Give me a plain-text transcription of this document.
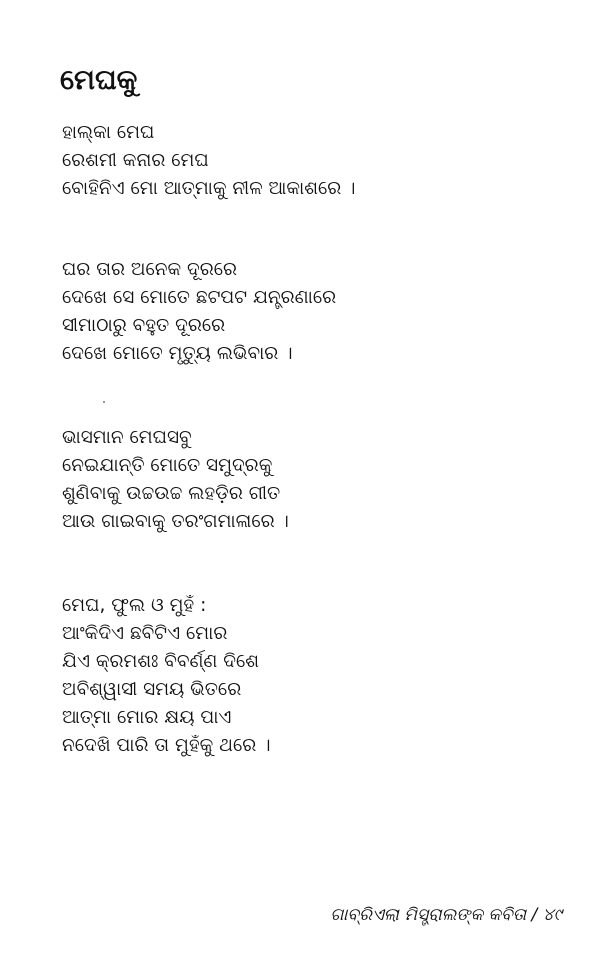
ମେଘକୁ
ହାଲ୍‌କା ମେଘ
ରେଶମୀ କନାର ମେଘ
ବୋହିନିଏ ମୋ ଆତ୍ମାକୁ ନୀଳ ଆକାଶରେ ।
ଘର ତାର ଅନେକ ଦୂରରେ
ଦେଖେ ସେ ମୋତେ ଛଟପଟ ଯନ୍ତ୍ରଣାରେ
ସୀମାଠାରୁ ବହୁତ ଦୂରରେ
ଦେଖେ ମୋତେ ମୃତ୍ୟୁ ଲଭିବାର ।
ଭାସମାନ ମେଘସବୁ
ନେଇଯାନ୍ତି ମୋତେ ସମୁଦ୍ରକୁ
ଶୁଣିବାକୁ ଉଚ୍ଚଉଚ୍ଚ ଲହଡ଼ିର ଗୀତ
ଆଉ ଗାଇବାକୁ ତରଂଗମାଳାରେ ।
ମେଘ, ଫୁଲ ଓ ମୁହଁ :
ଆଂକିଦିଏ ଛବିଟିଏ ମୋର
ଯିଏ କ୍ରମଶଃ ବିବର୍ଣ୍ଣ ଦିଶେ
ଅବିଶ୍ୱାସୀ ସମୟ ଭିତରେ
ଆତ୍ମା ମୋର କ୍ଷୟ ପାଏ
ନଦେଖି ପାରି ତା ମୁହଁକୁ ଥରେ ।
ଗାବ୍ରିଏଲା ମିସ୍ତ୍ରାଲଙ୍କ କବିତା / ୪୯
